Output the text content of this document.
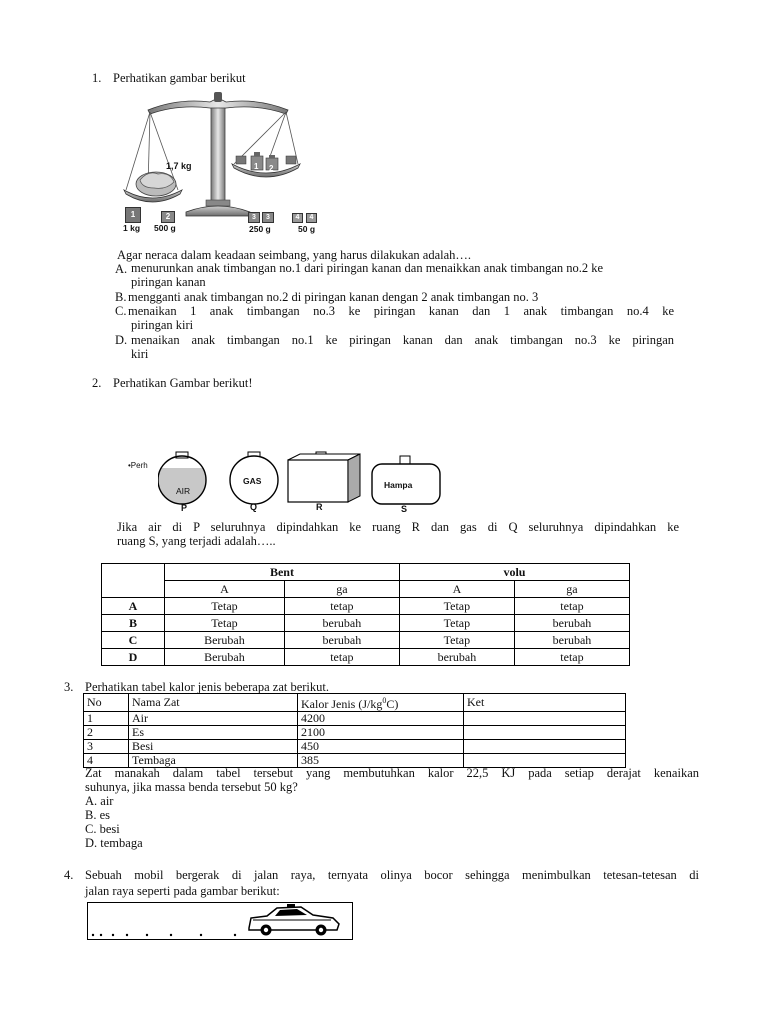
1. Perhatikan gambar berikut
1,7 kg	1 2
1	2	3	3	4	4
1 kg 500 g	250 g	50 g
Agar neraca dalam keadaan seimbang, yang harus dilakukan adalah….
A. menurunkan anak timbangan no.1 dari piringan kanan dan menaikkan anak timbangan no.2 ke
piringan kanan
B. mengganti anak timbangan no.2 di piringan kanan dengan 2 anak timbangan no. 3
C. menaikan 1 anak timbangan no.3 ke piringan kanan dan 1 anak timbangan no.4 ke
piringan kiri
D. menaikan anak timbangan no.1 ke piringan kanan dan anak timbangan no.3 ke piringan
kiri
2. Perhatikan Gambar berikut!
•Perh
AIR
GAS	Hampa
P	Q	R	S
Jika air di P seluruhnya dipindahkan ke ruang R dan gas di Q seluruhnya dipindahkan ke
ruang S, yang terjadi adalah…..
	Bent		volu	
	A	ga	A	ga
A	Tetap	tetap	Tetap	tetap
B	Tetap	berubah	Tetap	berubah
C	Berubah	berubah	Tetap	berubah
D	Berubah	tetap	berubah	tetap
3. Perhatikan tabel kalor jenis beberapa zat berikut.
No	Nama Zat	Kalor Jenis $(J/kg^0C)$	Ket
1	Air	4200	
2	Es	2100	
3	Besi	450	
4	Tembaga	385	
Zat manakah dalam tabel tersebut yang membutuhkan kalor 22,5 KJ pada setiap derajat kenaikan
suhunya, jika massa benda tersebut 50 kg?
A. air
B. es
C. besi
D. tembaga
4. Sebuah mobil bergerak di jalan raya, ternyata olinya bocor sehingga menimbulkan tetesan-tetesan di
jalan raya seperti pada gambar berikut:
